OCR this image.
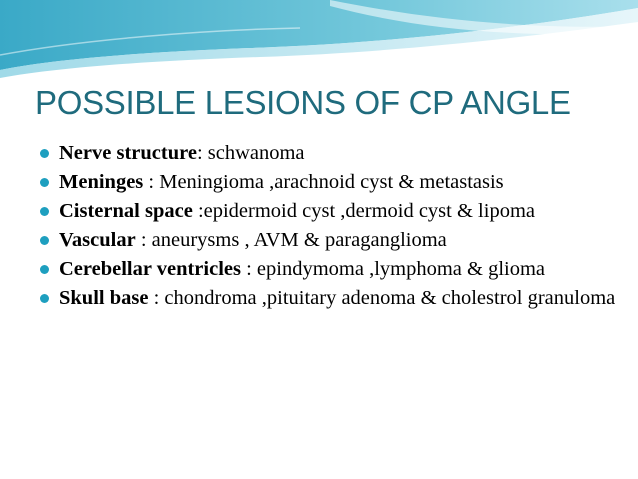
POSSIBLE LESIONS OF CP ANGLE
Nerve structure: schwanoma
Meninges : Meningioma ,arachnoid cyst & metastasis
Cisternal space :epidermoid cyst ,dermoid cyst & lipoma
Vascular : aneurysms , AVM & paraganglioma
Cerebellar ventricles : epindymoma ,lymphoma & glioma
Skull base : chondroma ,pituitary adenoma & cholestrol granuloma
